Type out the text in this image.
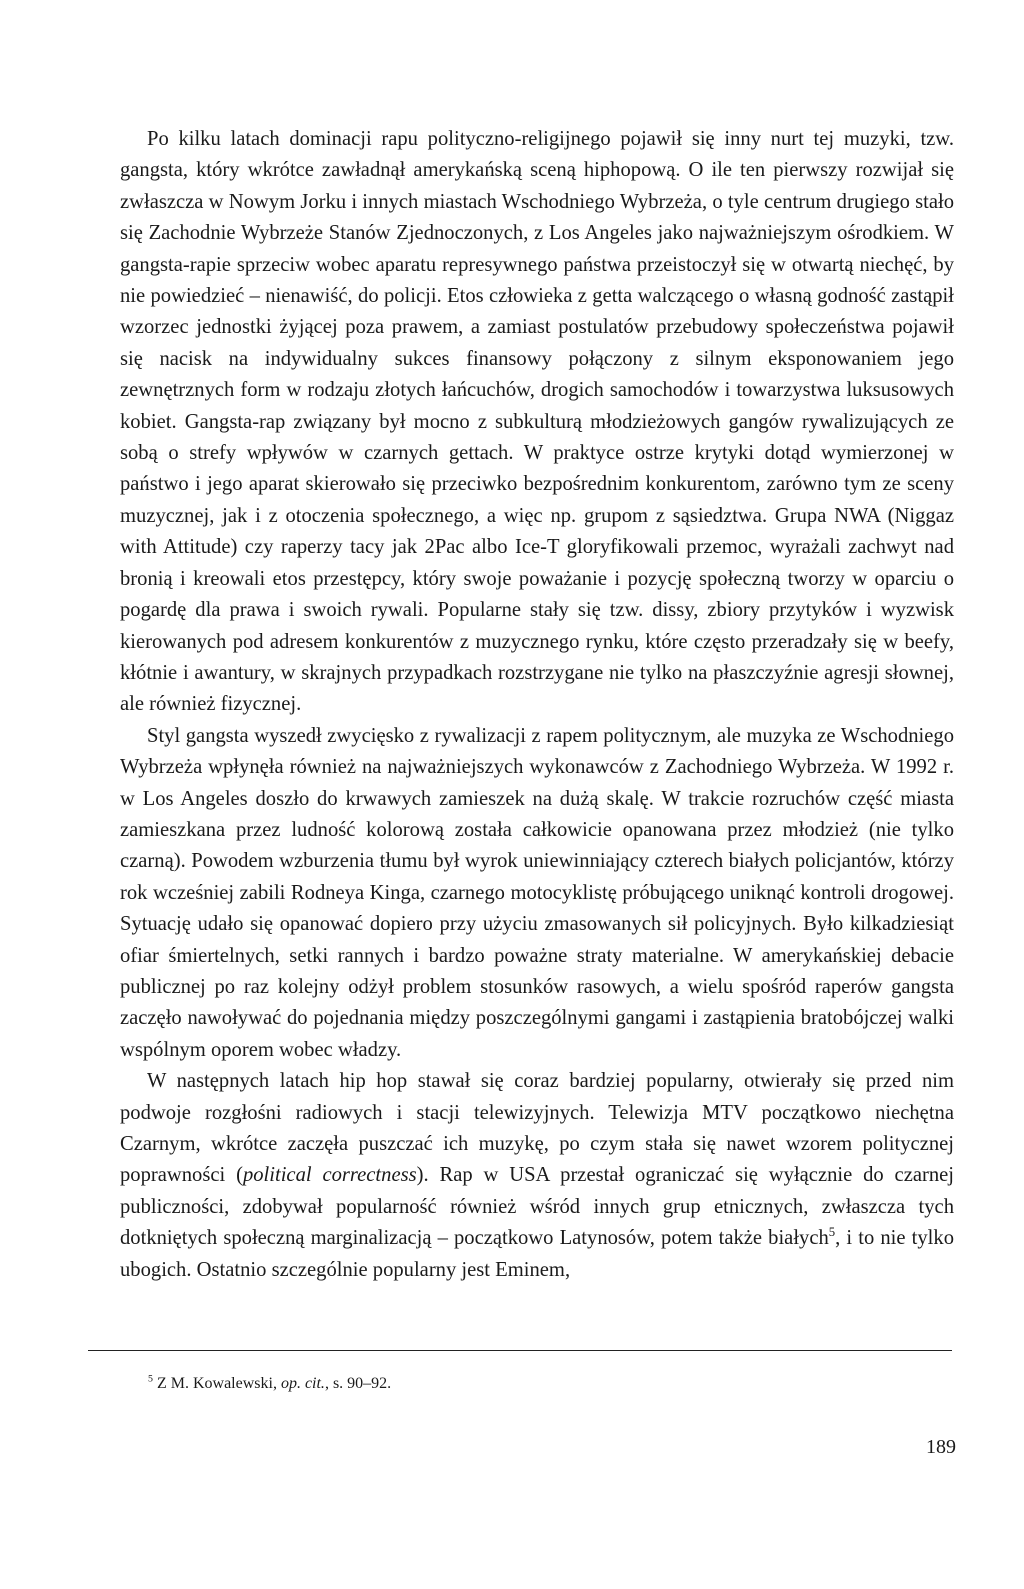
Po kilku latach dominacji rapu polityczno-religijnego pojawił się inny nurt tej muzyki, tzw. gangsta, który wkrótce zawładnął amerykańską sceną hiphopową. O ile ten pierwszy rozwijał się zwłaszcza w Nowym Jorku i innych miastach Wschodniego Wybrzeża, o tyle centrum drugiego stało się Zachodnie Wybrzeże Stanów Zjednoczonych, z Los Angeles jako najważniejszym ośrodkiem. W gangsta-rapie sprzeciw wobec aparatu represywnego państwa przeistoczył się w otwartą niechęć, by nie powiedzieć – nienawiść, do policji. Etos człowieka z getta walczącego o własną godność zastąpił wzorzec jednostki żyjącej poza prawem, a zamiast postulatów przebudowy społeczeństwa pojawił się nacisk na indywidualny sukces finansowy połączony z silnym eksponowaniem jego zewnętrznych form w rodzaju złotych łańcuchów, drogich samochodów i towarzystwa luksusowych kobiet. Gangsta-rap związany był mocno z subkulturą młodzieżowych gangów rywalizujących ze sobą o strefy wpływów w czarnych gettach. W praktyce ostrze krytyki dotąd wymierzonej w państwo i jego aparat skierowało się przeciwko bezpośrednim konkurentom, zarówno tym ze sceny muzycznej, jak i z otoczenia społecznego, a więc np. grupom z sąsiedztwa. Grupa NWA (Niggaz with Attitude) czy raperzy tacy jak 2Pac albo Ice-T gloryfikowali przemoc, wyrażali zachwyt nad bronią i kreowali etos przestępcy, który swoje poważanie i pozycję społeczną tworzy w oparciu o pogardę dla prawa i swoich rywali. Popularne stały się tzw. dissy, zbiory przytyków i wyzwisk kierowanych pod adresem konkurentów z muzycznego rynku, które często przeradzały się w beefy, kłótnie i awantury, w skrajnych przypadkach rozstrzygane nie tylko na płaszczyźnie agresji słownej, ale również fizycznej.

Styl gangsta wyszedł zwycięsko z rywalizacji z rapem politycznym, ale muzyka ze Wschodniego Wybrzeża wpłynęła również na najważniejszych wykonawców z Zachodniego Wybrzeża. W 1992 r. w Los Angeles doszło do krwawych zamieszek na dużą skalę. W trakcie rozruchów część miasta zamieszkana przez ludność kolorową została całkowicie opanowana przez młodzież (nie tylko czarną). Powodem wzburzenia tłumu był wyrok uniewinniający czterech białych policjantów, którzy rok wcześniej zabili Rodneya Kinga, czarnego motocyklistę próbującego uniknąć kontroli drogowej. Sytuację udało się opanować dopiero przy użyciu zmasowanych sił policyjnych. Było kilkadziesiąt ofiar śmiertelnych, setki rannych i bardzo poważne straty materialne. W amerykańskiej debacie publicznej po raz kolejny odżył problem stosunków rasowych, a wielu spośród raperów gangsta zaczęło nawoływać do pojednania między poszczególnymi gangami i zastąpienia bratobójczej walki wspólnym oporem wobec władzy.

W następnych latach hip hop stawał się coraz bardziej popularny, otwierały się przed nim podwoje rozgłośni radiowych i stacji telewizyjnych. Telewizja MTV początkowo niechętna Czarnym, wkrótce zaczęła puszczać ich muzykę, po czym stała się nawet wzorem politycznej poprawności (political correctness). Rap w USA przestał ograniczać się wyłącznie do czarnej publiczności, zdobywał popularność również wśród innych grup etnicznych, zwłaszcza tych dotkniętych społeczną marginalizacją – początkowo Latynosów, potem także białych$^5$, i to nie tylko ubogich. Ostatnio szczególnie popularny jest Eminem,

$^5$ Z M. Kowalewski, op. cit., s. 90–92.
189
